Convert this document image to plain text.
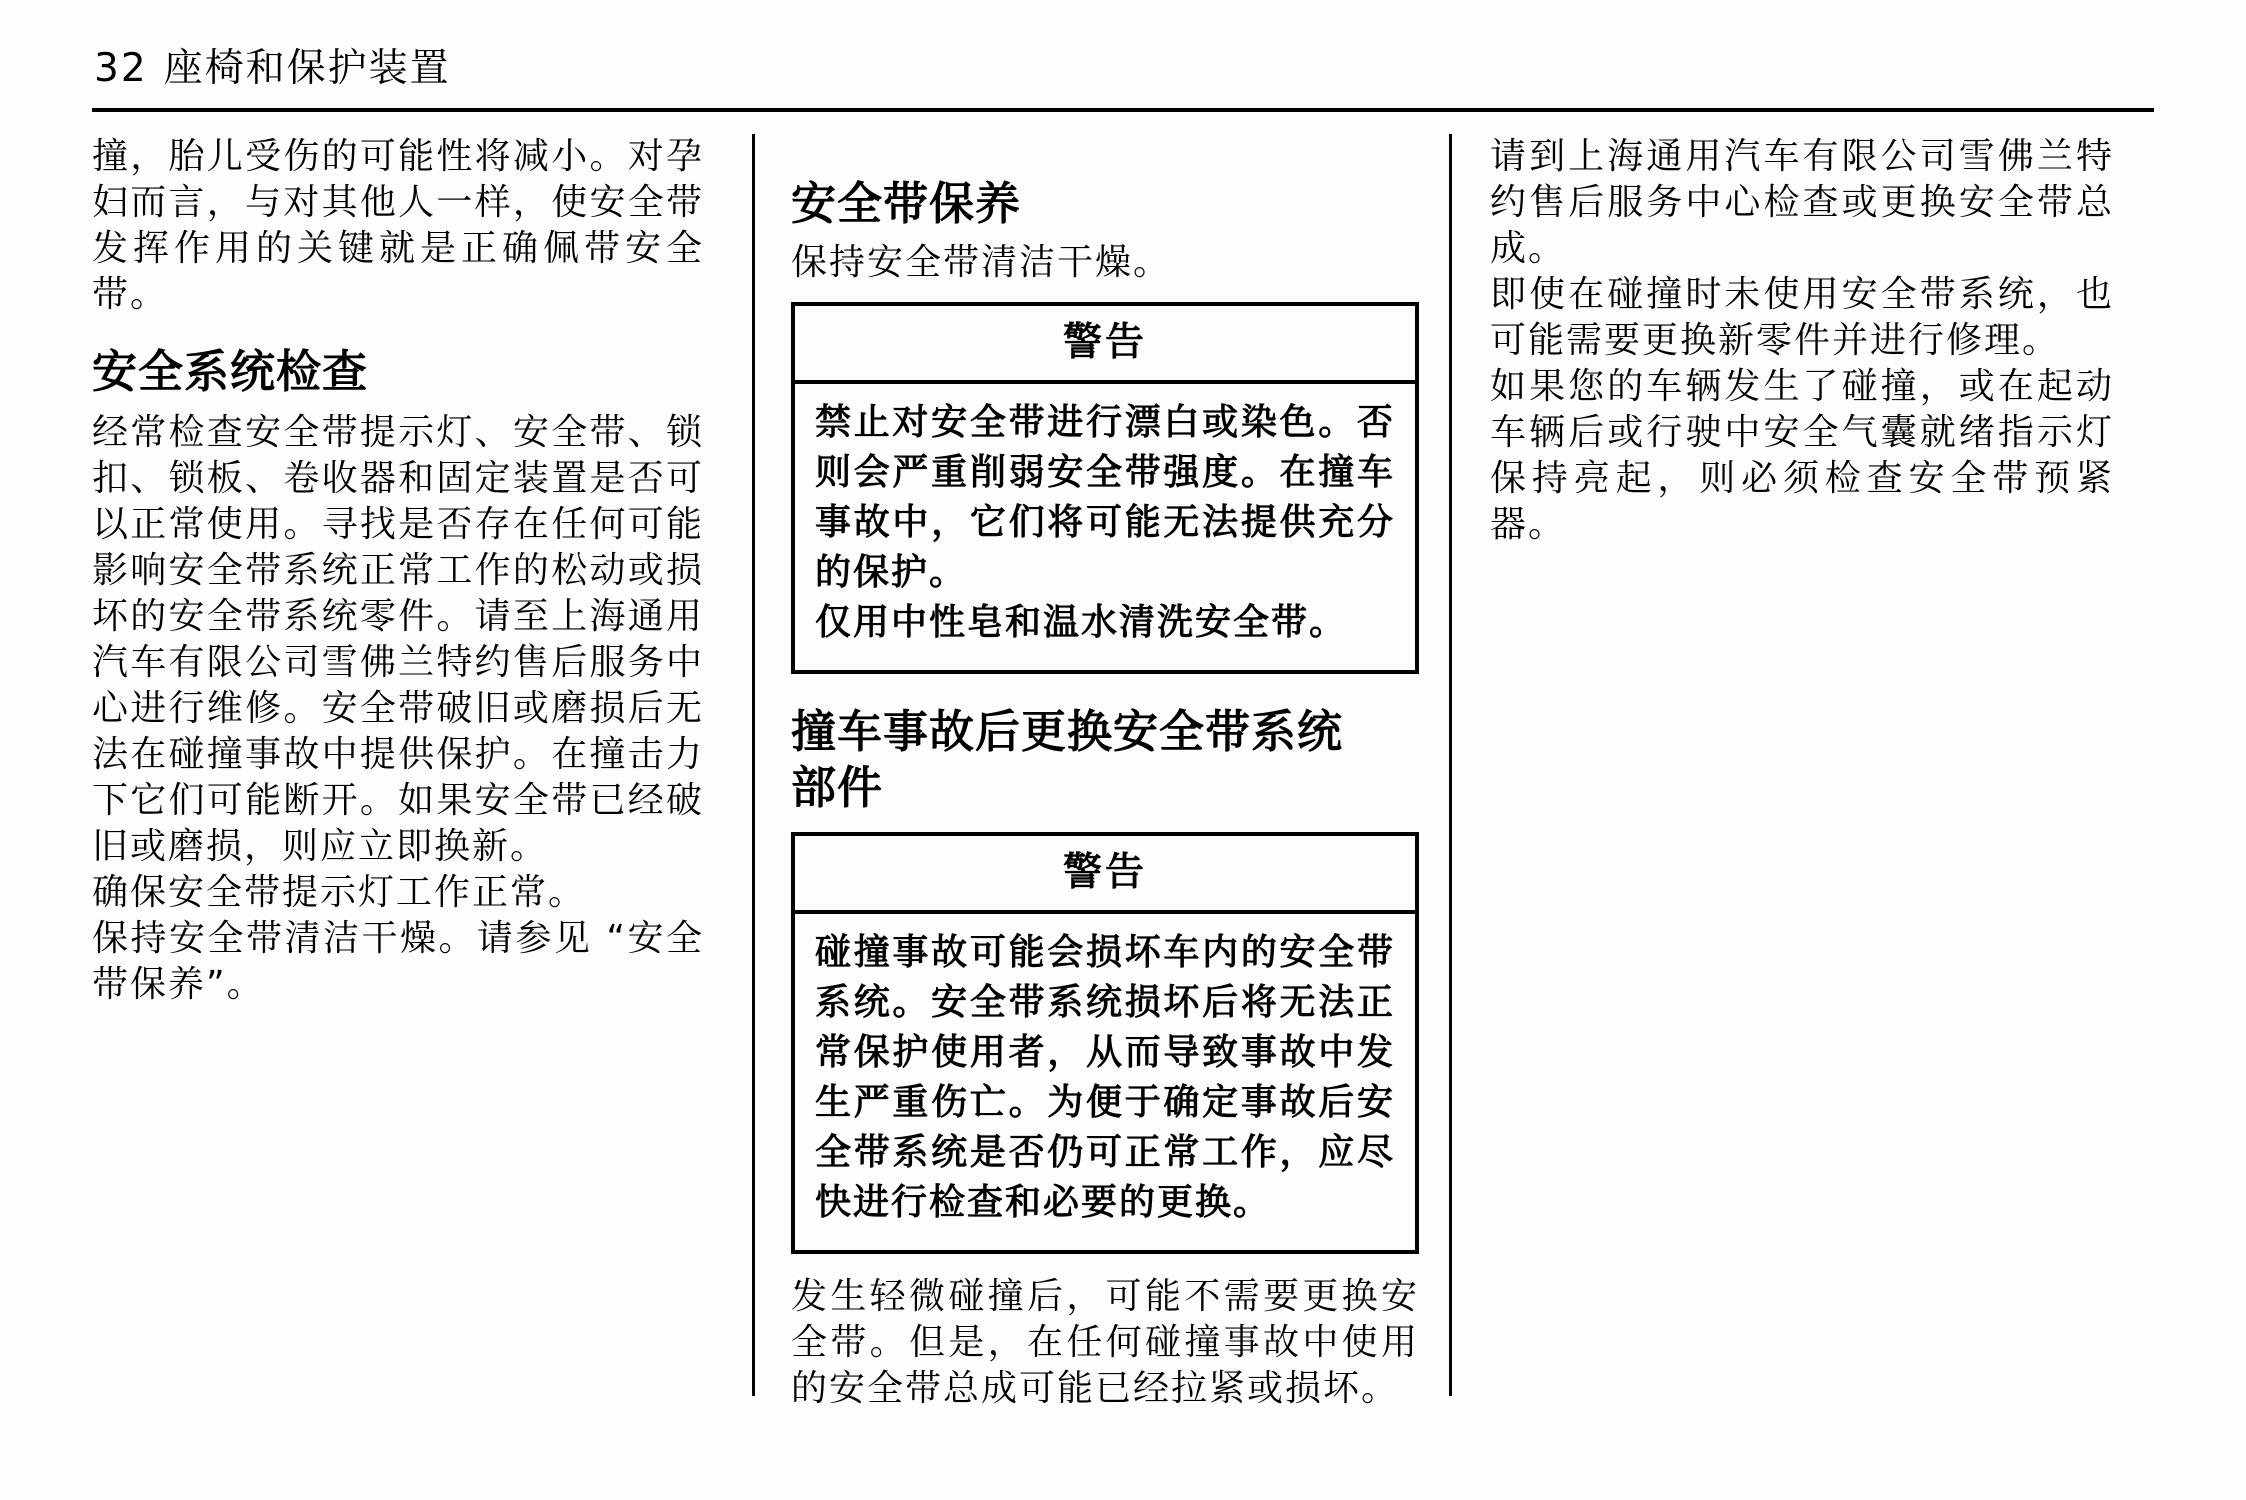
32 座椅和保护装置

撞，胎儿受伤的可能性将减小。对孕妇而言，与对其他人一样，使安全带发挥作用的关键就是正确佩带安全带。

安全系统检查

经常检查安全带提示灯、安全带、锁扣、锁板、卷收器和固定装置是否可以正常使用。寻找是否存在任何可能影响安全带系统正常工作的松动或损坏的安全带系统零件。请至上海通用汽车有限公司雪佛兰特约售后服务中心进行维修。安全带破旧或磨损后无法在碰撞事故中提供保护。在撞击力下它们可能断开。如果安全带已经破旧或磨损，则应立即换新。

确保安全带提示灯工作正常。

保持安全带清洁干燥。请参见 “安全带保养”。

安全带保养

保持安全带清洁干燥。

警告

禁止对安全带进行漂白或染色。否则会严重削弱安全带强度。在撞车事故中，它们将可能无法提供充分的保护。

仅用中性皂和温水清洗安全带。

撞车事故后更换安全带系统部件
警告

碰撞事故可能会损坏车内的安全带系统。安全带系统损坏后将无法正常保护使用者，从而导致事故中发生严重伤亡。为便于确定事故后安全带系统是否仍可正常工作，应尽快进行检查和必要的更换。

发生轻微碰撞后，可能不需要更换安全带。但是，在任何碰撞事故中使用的安全带总成可能已经拉紧或损坏。

请到上海通用汽车有限公司雪佛兰特约售后服务中心检查或更换安全带总成。

即使在碰撞时未使用安全带系统，也可能需要更换新零件并进行修理。

如果您的车辆发生了碰撞，或在起动车辆后或行驶中安全气囊就绪指示灯保持亮起，则必须检查安全带预紧器。
